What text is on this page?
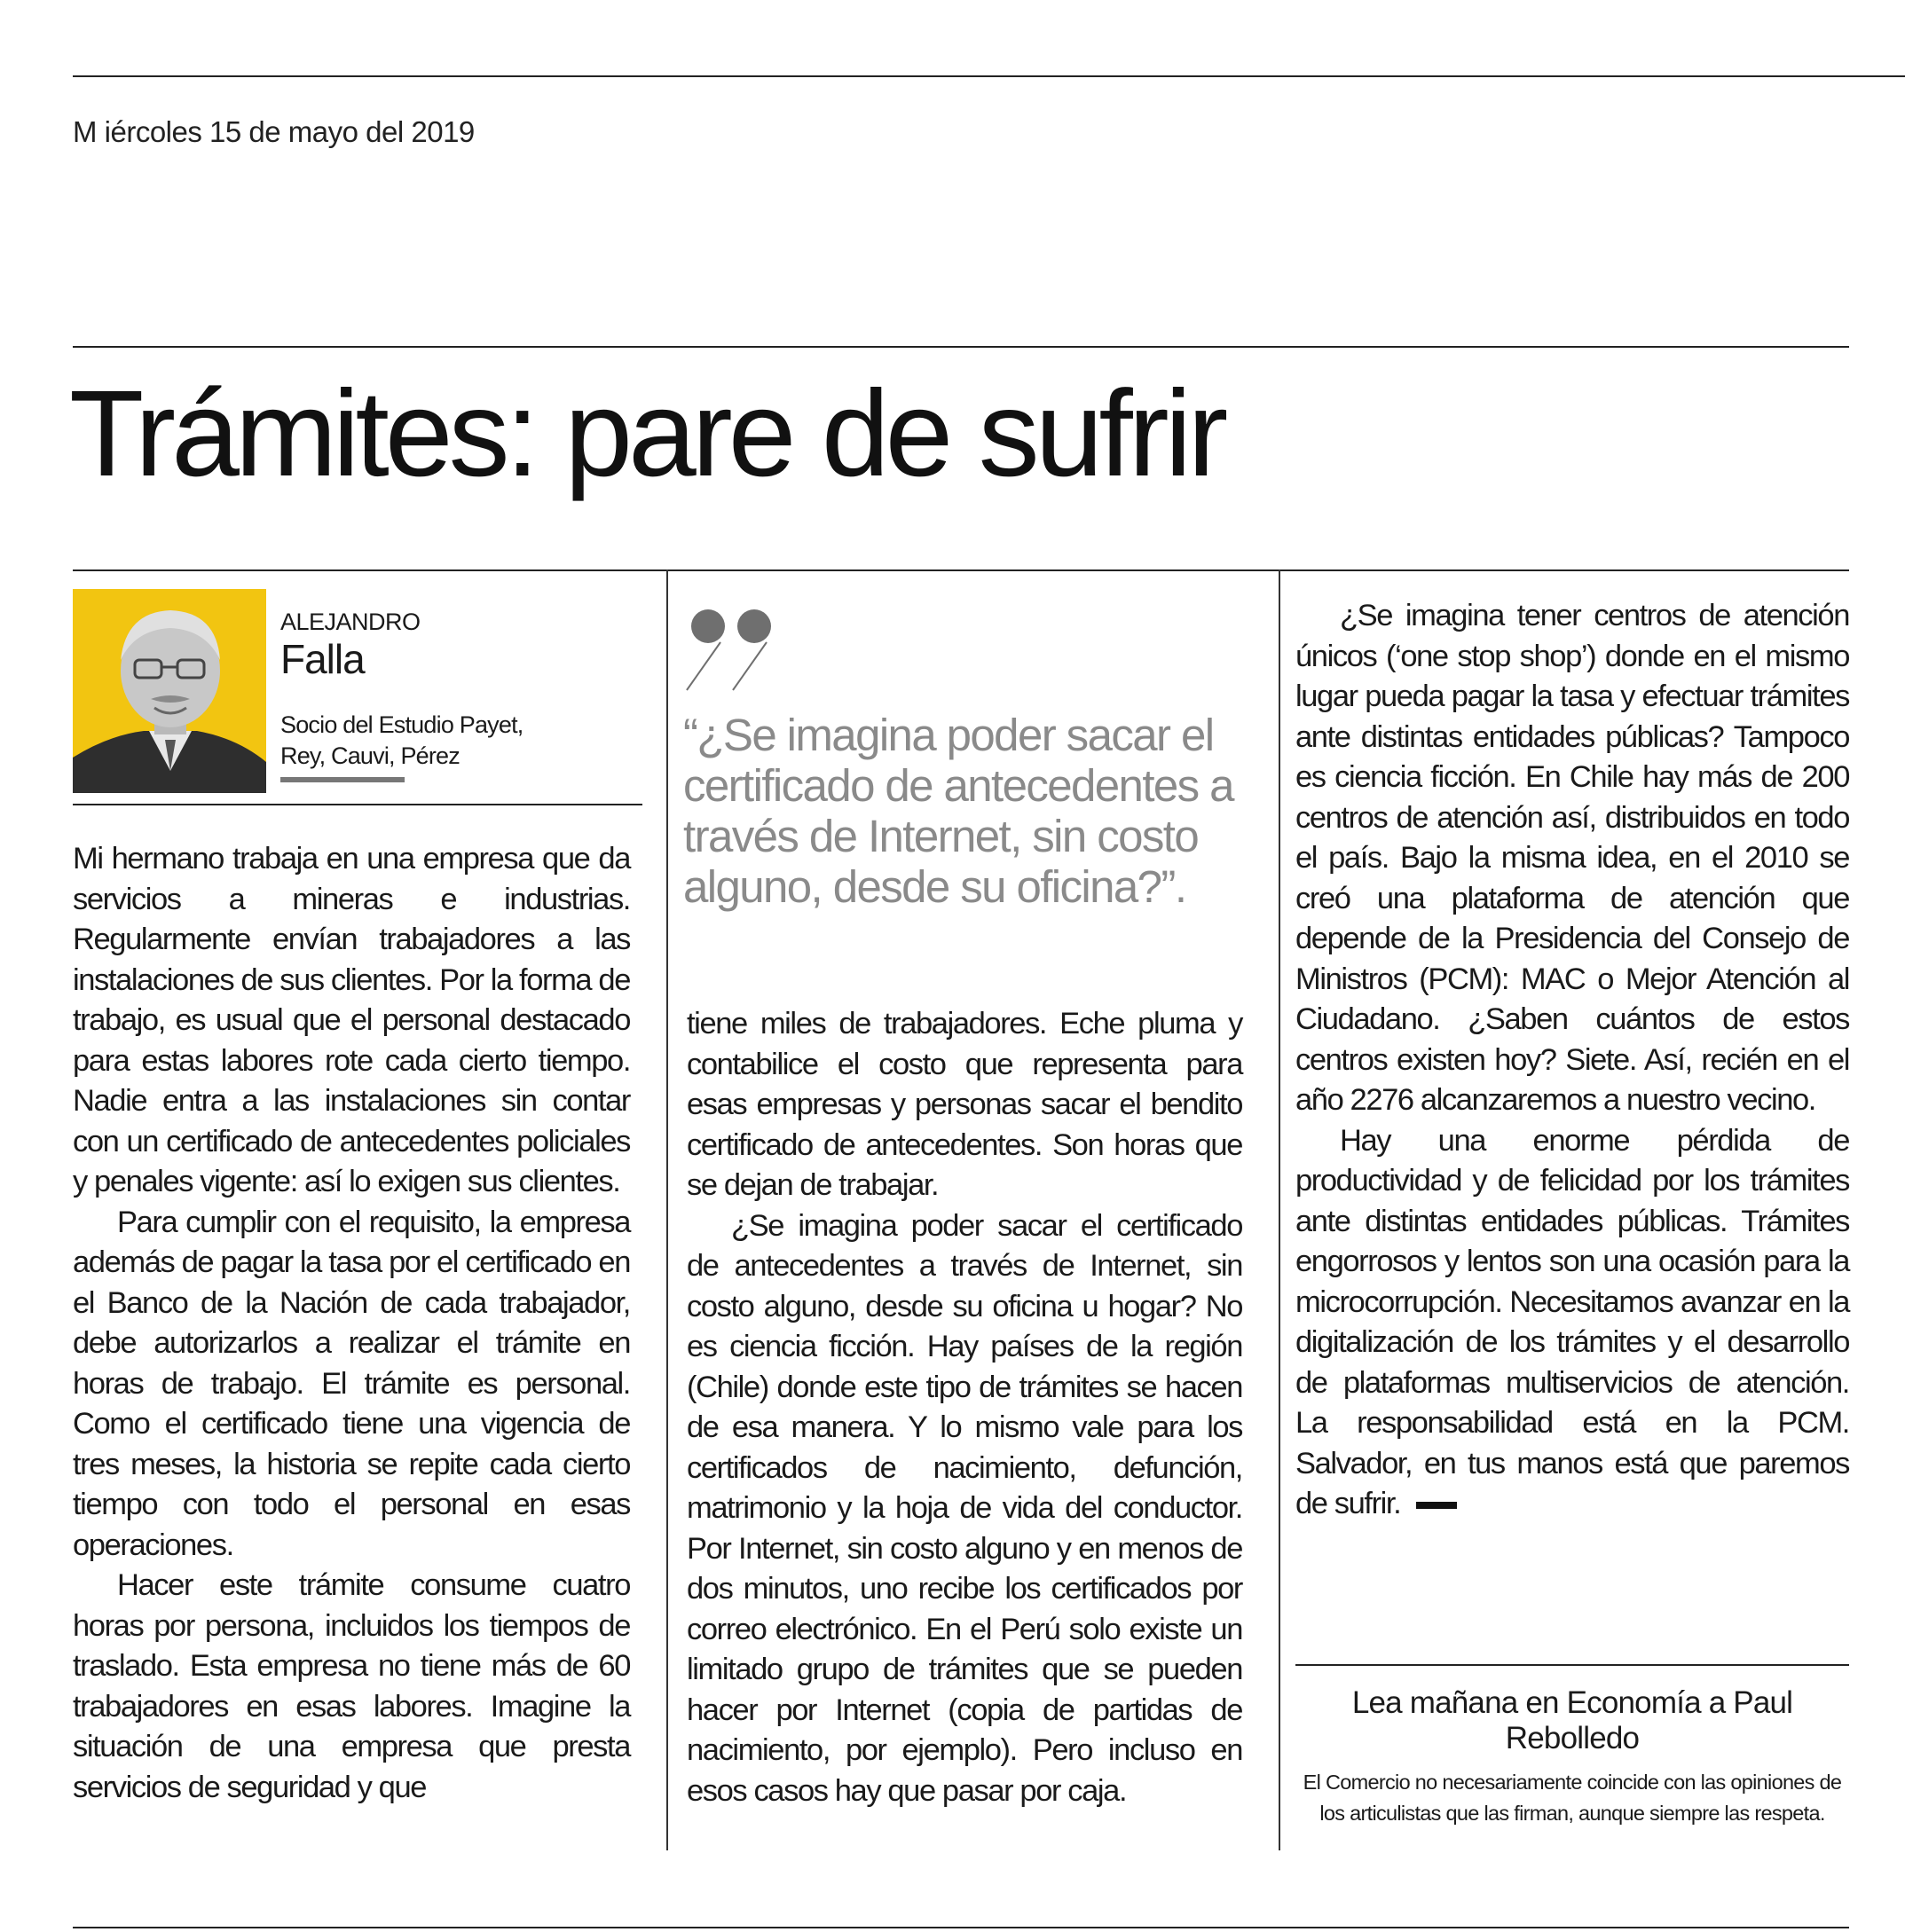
M iércoles 15 de mayo del 2019
Trámites: pare de sufrir
ALEJANDRO
Falla

Socio del Estudio Payet, Rey, Cauvi, Pérez

Mi hermano trabaja en una empresa que da servicios a mineras e industrias. Regularmente envían trabajadores a las instalaciones de sus clientes. Por la forma de trabajo, es usual que el personal destacado para estas labores rote cada cierto tiempo. Nadie entra a las instalaciones sin contar con un certificado de antecedentes policiales y penales vigente: así lo exigen sus clientes.

Para cumplir con el requisito, la empresa además de pagar la tasa por el certificado en el Banco de la Nación de cada trabajador, debe autorizarlos a realizar el trámite en horas de trabajo. El trámite es personal. Como el certificado tiene una vigencia de tres meses, la historia se repite cada cierto tiempo con todo el personal en esas operaciones.

Hacer este trámite consume cuatro horas por persona, incluidos los tiempos de traslado. Esta empresa no tiene más de 60 trabajadores en esas labores. Imagine la situación de una empresa que presta servicios de seguridad y que

“¿Se imagina poder sacar el certificado de antecedentes a través de Internet, sin costo alguno, desde su oficina?”.

tiene miles de trabajadores. Eche pluma y contabilice el costo que representa para esas empresas y personas sacar el bendito certificado de antecedentes. Son horas que se dejan de trabajar.

¿Se imagina poder sacar el certificado de antecedentes a través de Internet, sin costo alguno, desde su oficina u hogar? No es ciencia ficción. Hay países de la región (Chile) donde este tipo de trámites se hacen de esa manera. Y lo mismo vale para los certificados de nacimiento, defunción, matrimonio y la hoja de vida del conductor. Por Internet, sin costo alguno y en menos de dos minutos, uno recibe los certificados por correo electrónico. En el Perú solo existe un limitado grupo de trámites que se pueden hacer por Internet (copia de partidas de nacimiento, por ejemplo). Pero incluso en esos casos hay que pasar por caja.

¿Se imagina tener centros de atención únicos (‘one stop shop’) donde en el mismo lugar pueda pagar la tasa y efectuar trámites ante distintas entidades públicas? Tampoco es ciencia ficción. En Chile hay más de 200 centros de atención así, distribuidos en todo el país. Bajo la misma idea, en el 2010 se creó una plataforma de atención que depende de la Presidencia del Consejo de Ministros (PCM): MAC o Mejor Atención al Ciudadano. ¿Saben cuántos de estos centros existen hoy? Siete. Así, recién en el año 2276 alcanzaremos a nuestro vecino.

Hay una enorme pérdida de productividad y de felicidad por los trámites ante distintas entidades públicas. Trámites engorrosos y lentos son una ocasión para la microcorrupción. Necesitamos avanzar en la digitalización de los trámites y el desarrollo de plataformas multiservicios de atención. La responsabilidad está en la PCM. Salvador, en tus manos está que paremos de sufrir.

Lea mañana en Economía a Paul Rebolledo

El Comercio no necesariamente coincide con las opiniones de los articulistas que las firman, aunque siempre las respeta.
